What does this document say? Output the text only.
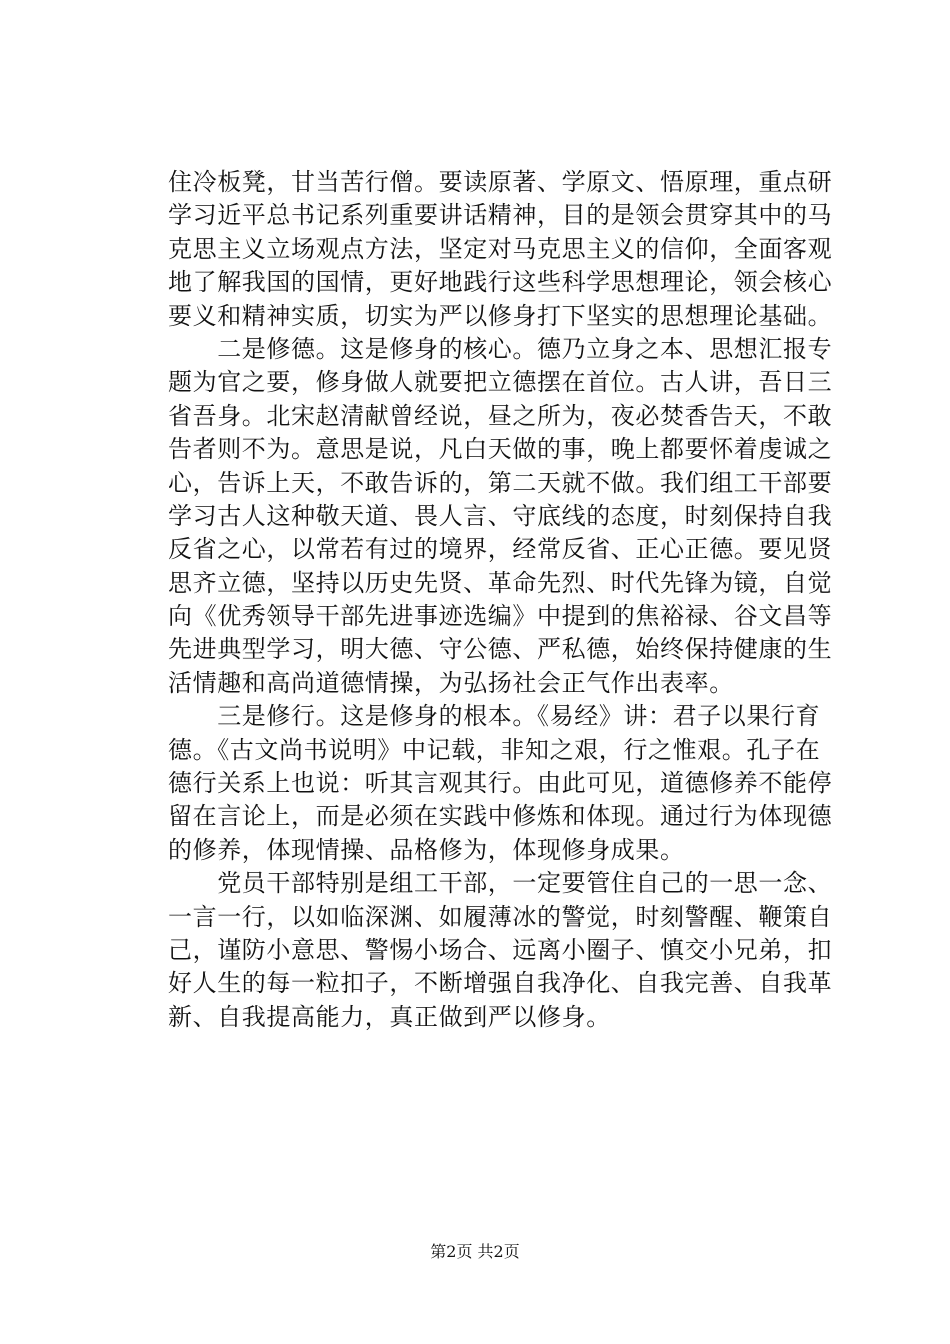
住冷板凳，甘当苦行僧。要读原著、学原文、悟原理，重点研
学习近平总书记系列重要讲话精神，目的是领会贯穿其中的马
克思主义立场观点方法，坚定对马克思主义的信仰，全面客观
地了解我国的国情，更好地践行这些科学思想理论，领会核心
要义和精神实质，切实为严以修身打下坚实的思想理论基础。
　　二是修德。这是修身的核心。德乃立身之本、思想汇报专
题为官之要，修身做人就要把立德摆在首位。古人讲，吾日三
省吾身。北宋赵清献曾经说，昼之所为，夜必焚香告天，不敢
告者则不为。意思是说，凡白天做的事，晚上都要怀着虔诚之
心，告诉上天，不敢告诉的，第二天就不做。我们组工干部要
学习古人这种敬天道、畏人言、守底线的态度，时刻保持自我
反省之心，以常若有过的境界，经常反省、正心正德。要见贤
思齐立德，坚持以历史先贤、革命先烈、时代先锋为镜，自觉
向《优秀领导干部先进事迹选编》中提到的焦裕禄、谷文昌等
先进典型学习，明大德、守公德、严私德，始终保持健康的生
活情趣和高尚道德情操，为弘扬社会正气作出表率。
　　三是修行。这是修身的根本。《易经》讲：君子以果行育
德。《古文尚书说明》中记载，非知之艰，行之惟艰。孔子在
德行关系上也说：听其言观其行。由此可见，道德修养不能停
留在言论上，而是必须在实践中修炼和体现。通过行为体现德
的修养，体现情操、品格修为，体现修身成果。
　　党员干部特别是组工干部，一定要管住自己的一思一念、
一言一行，以如临深渊、如履薄冰的警觉，时刻警醒、鞭策自
己，谨防小意思、警惕小场合、远离小圈子、慎交小兄弟，扣
好人生的每一粒扣子，不断增强自我净化、自我完善、自我革
新、自我提高能力，真正做到严以修身。
第2页 共2页
